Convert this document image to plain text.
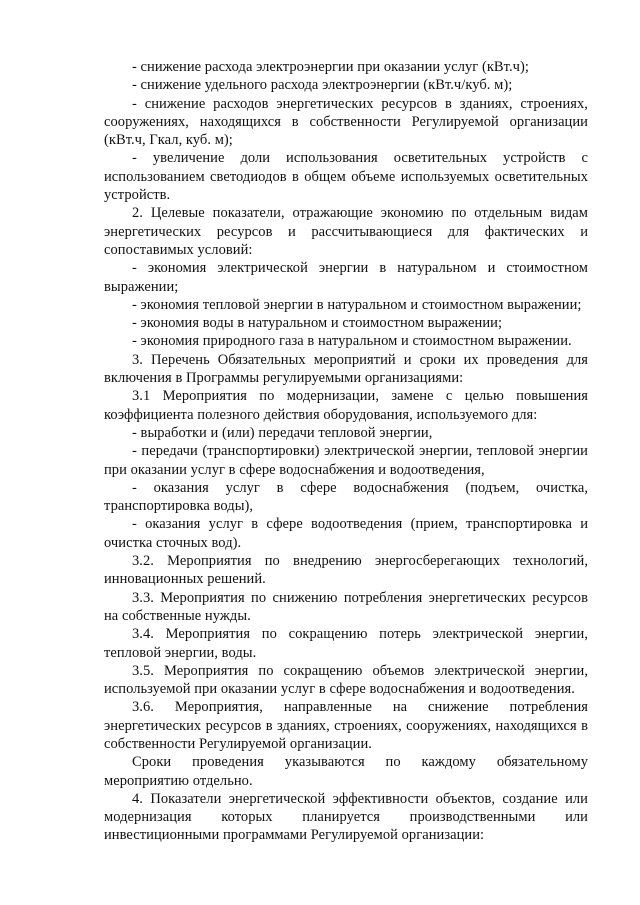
- снижение расхода электроэнергии при оказании услуг (кВт.ч);

- снижение удельного расхода электроэнергии (кВт.ч/куб. м);

- снижение расходов энергетических ресурсов в зданиях, строениях, сооружениях, находящихся в собственности Регулируемой организации (кВт.ч, Гкал, куб. м);

- увеличение доли использования осветительных устройств с использованием светодиодов в общем объеме используемых осветительных устройств.

2. Целевые показатели, отражающие экономию по отдельным видам энергетических ресурсов и рассчитывающиеся для фактических и сопоставимых условий:

- экономия электрической энергии в натуральном и стоимостном выражении;

- экономия тепловой энергии в натуральном и стоимостном выражении;

- экономия воды в натуральном и стоимостном выражении;

- экономия природного газа в натуральном и стоимостном выражении.

3. Перечень Обязательных мероприятий и сроки их проведения для включения в Программы регулируемыми организациями:

3.1 Мероприятия по модернизации, замене с целью повышения коэффициента полезного действия оборудования, используемого для:

- выработки и (или) передачи тепловой энергии,

- передачи (транспортировки) электрической энергии, тепловой энергии при оказании услуг в сфере водоснабжения и водоотведения,

- оказания услуг в сфере водоснабжения (подъем, очистка, транспортировка воды),

- оказания услуг в сфере водоотведения (прием, транспортировка и очистка сточных вод).

3.2. Мероприятия по внедрению энергосберегающих технологий, инновационных решений.

3.3. Мероприятия по снижению потребления энергетических ресурсов на собственные нужды.

3.4. Мероприятия по сокращению потерь электрической энергии, тепловой энергии, воды.

3.5. Мероприятия по сокращению объемов электрической энергии, используемой при оказании услуг в сфере водоснабжения и водоотведения.

3.6. Мероприятия, направленные на снижение потребления энергетических ресурсов в зданиях, строениях, сооружениях, находящихся в собственности Регулируемой организации.

Сроки проведения указываются по каждому обязательному мероприятию отдельно.

4. Показатели энергетической эффективности объектов, создание или модернизация которых планируется производственными или инвестиционными программами Регулируемой организации:
